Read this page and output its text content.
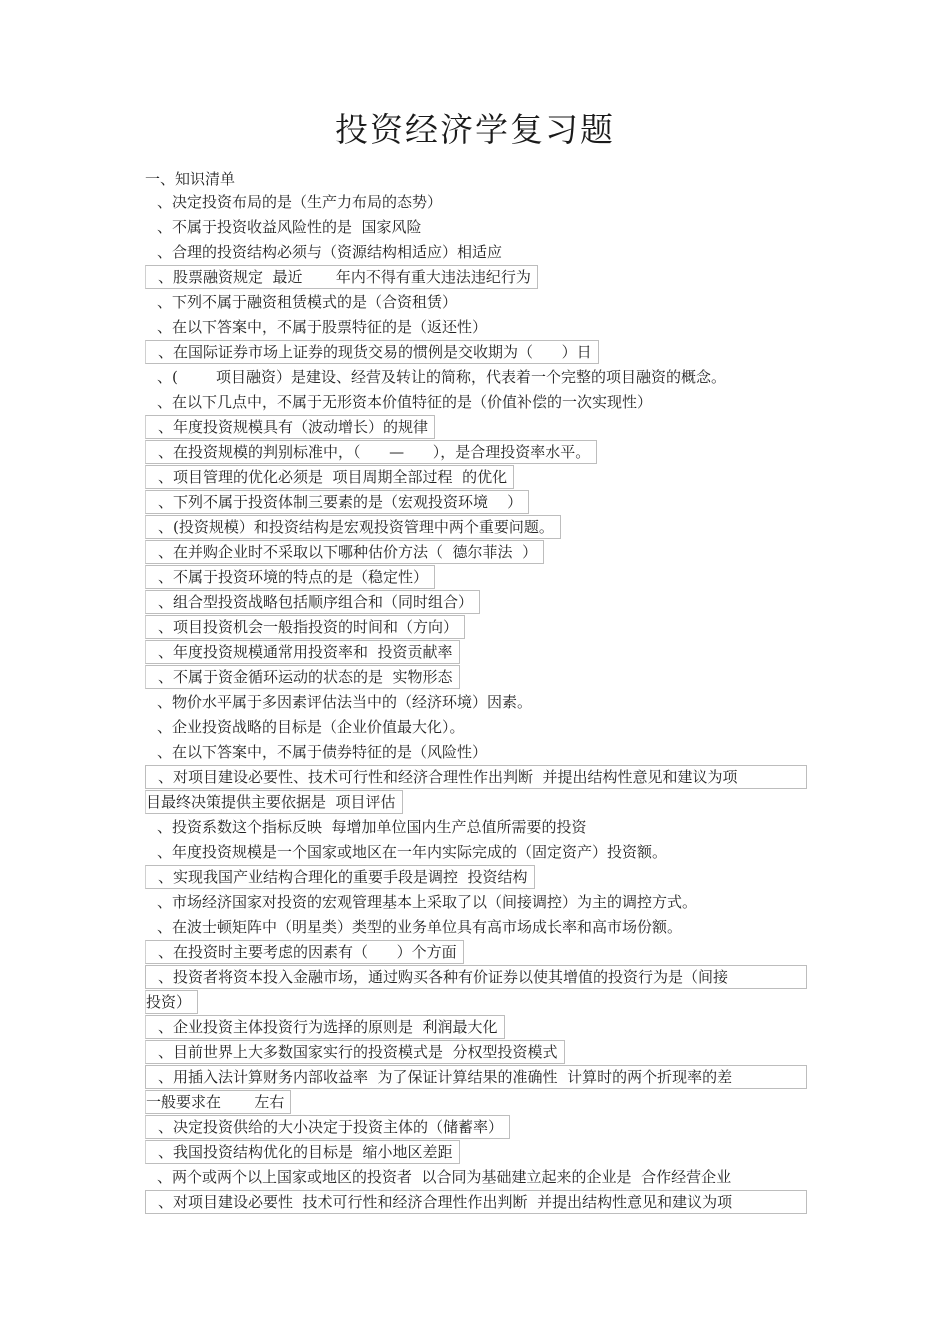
投资经济学复习题
一、知识清单
、决定投资布局的是（生产力布局的态势）
、不属于投资收益风险性的是  国家风险
、合理的投资结构必须与（资源结构相适应）相适应
、股票融资规定  最近       年内不得有重大违法违纪行为
、下列不属于融资租赁模式的是（合资租赁）
、在以下答案中，不属于股票特征的是（返还性）
、在国际证券市场上证券的现货交易的惯例是交收期为（      ）日
、(        项目融资）是建设、经营及转让的简称，代表着一个完整的项目融资的概念。
、在以下几点中，不属于无形资本价值特征的是（价值补偿的一次实现性）
、年度投资规模具有（波动增长）的规律
、在投资规模的判别标准中，（      —      ），是合理投资率水平。
、项目管理的优化必须是  项目周期全部过程  的优化
、下列不属于投资体制三要素的是（宏观投资环境    ）
、(投资规模）和投资结构是宏观投资管理中两个重要问题。
、在并购企业时不采取以下哪种估价方法（  德尔菲法  ）
、不属于投资环境的特点的是（稳定性）
、组合型投资战略包括顺序组合和（同时组合）
、项目投资机会一般指投资的时间和（方向）
、年度投资规模通常用投资率和  投资贡献率
、不属于资金循环运动的状态的是  实物形态
、物价水平属于多因素评估法当中的（经济环境）因素。
、企业投资战略的目标是（企业价值最大化）。
、在以下答案中，不属于债券特征的是（风险性）
、对项目建设必要性、技术可行性和经济合理性作出判断  并提出结构性意见和建议为项
目最终决策提供主要依据是  项目评估
、投资系数这个指标反映  每增加单位国内生产总值所需要的投资
、年度投资规模是一个国家或地区在一年内实际完成的（固定资产）投资额。
、实现我国产业结构合理化的重要手段是调控  投资结构
、市场经济国家对投资的宏观管理基本上采取了以（间接调控）为主的调控方式。
、在波士顿矩阵中（明星类）类型的业务单位具有高市场成长率和高市场份额。
、在投资时主要考虑的因素有（      ）个方面
、投资者将资本投入金融市场，通过购买各种有价证券以使其增值的投资行为是（间接
投资）
、企业投资主体投资行为选择的原则是  利润最大化
、目前世界上大多数国家实行的投资模式是  分权型投资模式
、用插入法计算财务内部收益率  为了保证计算结果的准确性  计算时的两个折现率的差
一般要求在       左右
、决定投资供给的大小决定于投资主体的（储蓄率）
、我国投资结构优化的目标是  缩小地区差距
、两个或两个以上国家或地区的投资者  以合同为基础建立起来的企业是  合作经营企业
、对项目建设必要性  技术可行性和经济合理性作出判断  并提出结构性意见和建议为项
